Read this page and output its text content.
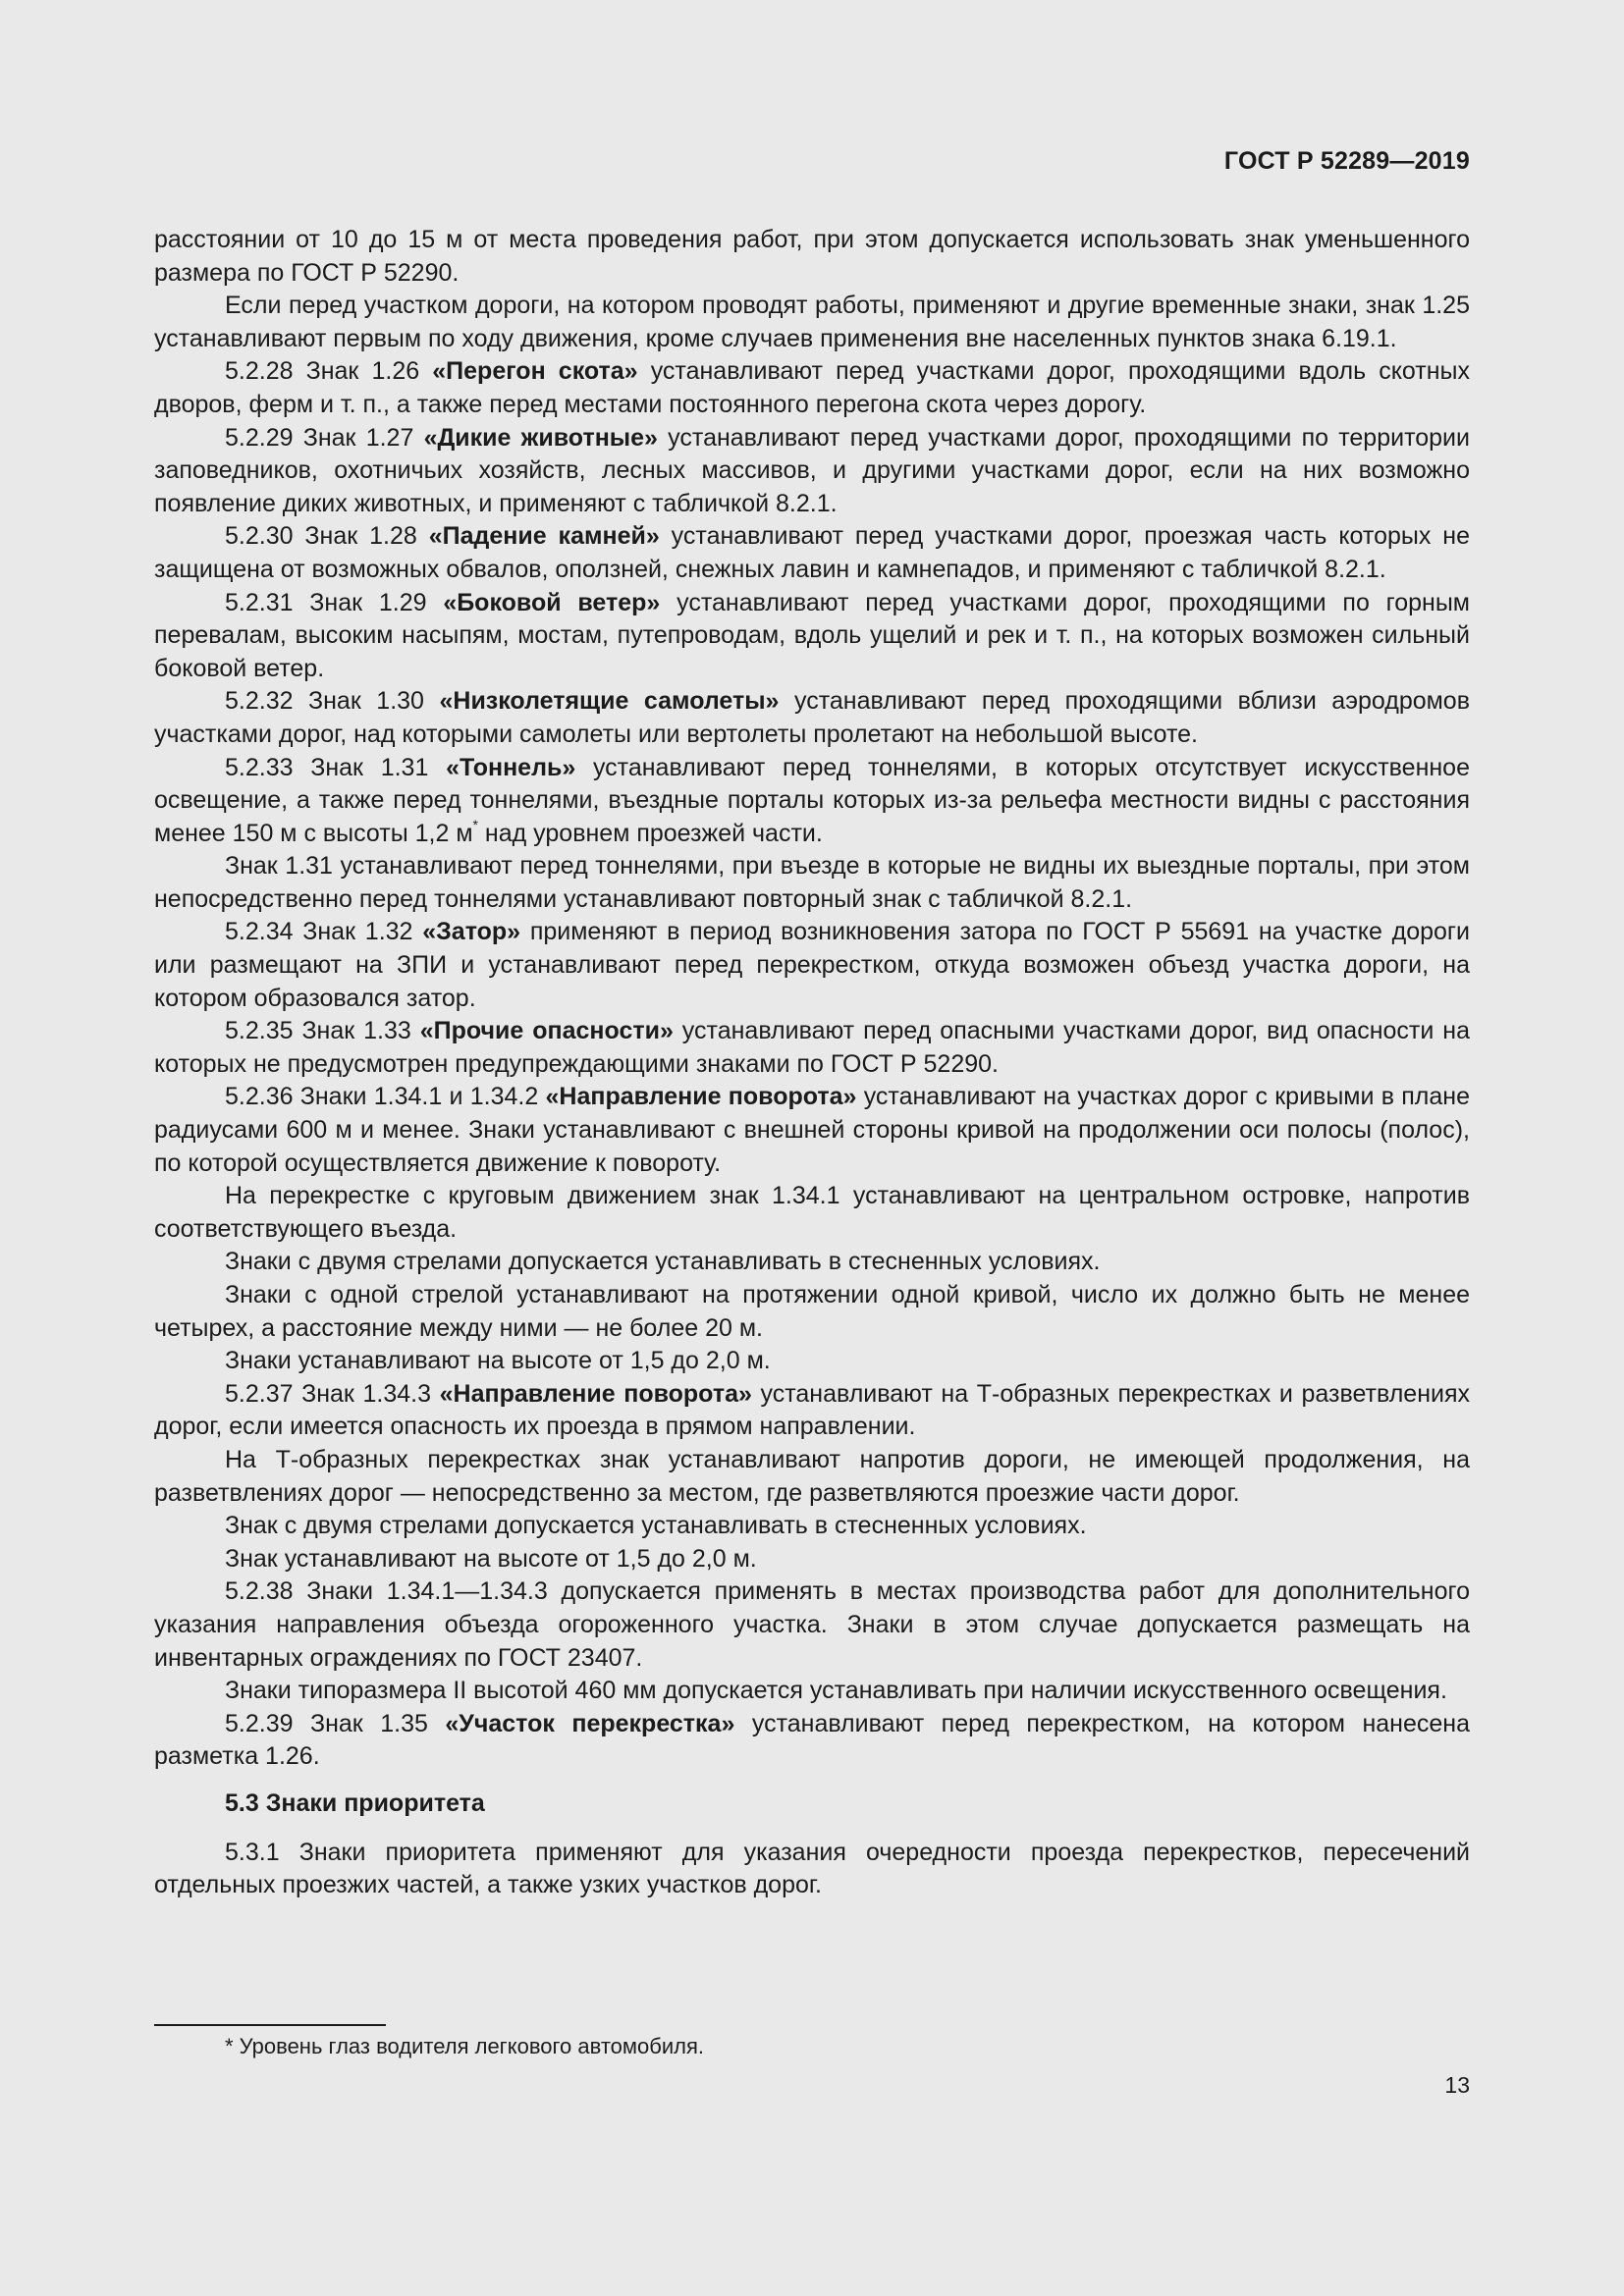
ГОСТ Р 52289—2019

расстоянии от 10 до 15 м от места проведения работ, при этом допускается использовать знак уменьшенного размера по ГОСТ Р 52290.

Если перед участком дороги, на котором проводят работы, применяют и другие временные знаки, знак 1.25 устанавливают первым по ходу движения, кроме случаев применения вне населенных пунктов знака 6.19.1.

5.2.28 Знак 1.26 «Перегон скота» устанавливают перед участками дорог, проходящими вдоль скотных дворов, ферм и т. п., а также перед местами постоянного перегона скота через дорогу.

5.2.29 Знак 1.27 «Дикие животные» устанавливают перед участками дорог, проходящими по территории заповедников, охотничьих хозяйств, лесных массивов, и другими участками дорог, если на них возможно появление диких животных, и применяют с табличкой 8.2.1.

5.2.30 Знак 1.28 «Падение камней» устанавливают перед участками дорог, проезжая часть которых не защищена от возможных обвалов, оползней, снежных лавин и камнепадов, и применяют с табличкой 8.2.1.

5.2.31 Знак 1.29 «Боковой ветер» устанавливают перед участками дорог, проходящими по горным перевалам, высоким насыпям, мостам, путепроводам, вдоль ущелий и рек и т. п., на которых возможен сильный боковой ветер.

5.2.32 Знак 1.30 «Низколетящие самолеты» устанавливают перед проходящими вблизи аэродромов участками дорог, над которыми самолеты или вертолеты пролетают на небольшой высоте.

5.2.33 Знак 1.31 «Тоннель» устанавливают перед тоннелями, в которых отсутствует искусственное освещение, а также перед тоннелями, въездные порталы которых из-за рельефа местности видны с расстояния менее 150 м с высоты 1,2 м* над уровнем проезжей части.

Знак 1.31 устанавливают перед тоннелями, при въезде в которые не видны их выездные порталы, при этом непосредственно перед тоннелями устанавливают повторный знак с табличкой 8.2.1.

5.2.34 Знак 1.32 «Затор» применяют в период возникновения затора по ГОСТ Р 55691 на участке дороги или размещают на ЗПИ и устанавливают перед перекрестком, откуда возможен объезд участка дороги, на котором образовался затор.

5.2.35 Знак 1.33 «Прочие опасности» устанавливают перед опасными участками дорог, вид опасности на которых не предусмотрен предупреждающими знаками по ГОСТ Р 52290.

5.2.36 Знаки 1.34.1 и 1.34.2 «Направление поворота» устанавливают на участках дорог с кривыми в плане радиусами 600 м и менее. Знаки устанавливают с внешней стороны кривой на продолжении оси полосы (полос), по которой осуществляется движение к повороту.

На перекрестке с круговым движением знак 1.34.1 устанавливают на центральном островке, напротив соответствующего въезда.

Знаки с двумя стрелами допускается устанавливать в стесненных условиях.

Знаки с одной стрелой устанавливают на протяжении одной кривой, число их должно быть не менее четырех, а расстояние между ними — не более 20 м.

Знаки устанавливают на высоте от 1,5 до 2,0 м.

5.2.37 Знак 1.34.3 «Направление поворота» устанавливают на Т-образных перекрестках и разветвлениях дорог, если имеется опасность их проезда в прямом направлении.

На Т-образных перекрестках знак устанавливают напротив дороги, не имеющей продолжения, на разветвлениях дорог — непосредственно за местом, где разветвляются проезжие части дорог.

Знак с двумя стрелами допускается устанавливать в стесненных условиях.

Знак устанавливают на высоте от 1,5 до 2,0 м.

5.2.38 Знаки 1.34.1—1.34.3 допускается применять в местах производства работ для дополнительного указания направления объезда огороженного участка. Знаки в этом случае допускается размещать на инвентарных ограждениях по ГОСТ 23407.

Знаки типоразмера II высотой 460 мм допускается устанавливать при наличии искусственного освещения.

5.2.39 Знак 1.35 «Участок перекрестка» устанавливают перед перекрестком, на котором нанесена разметка 1.26.

5.3 Знаки приоритета

5.3.1 Знаки приоритета применяют для указания очередности проезда перекрестков, пересечений отдельных проезжих частей, а также узких участков дорог.

* Уровень глаз водителя легкового автомобиля.
13
